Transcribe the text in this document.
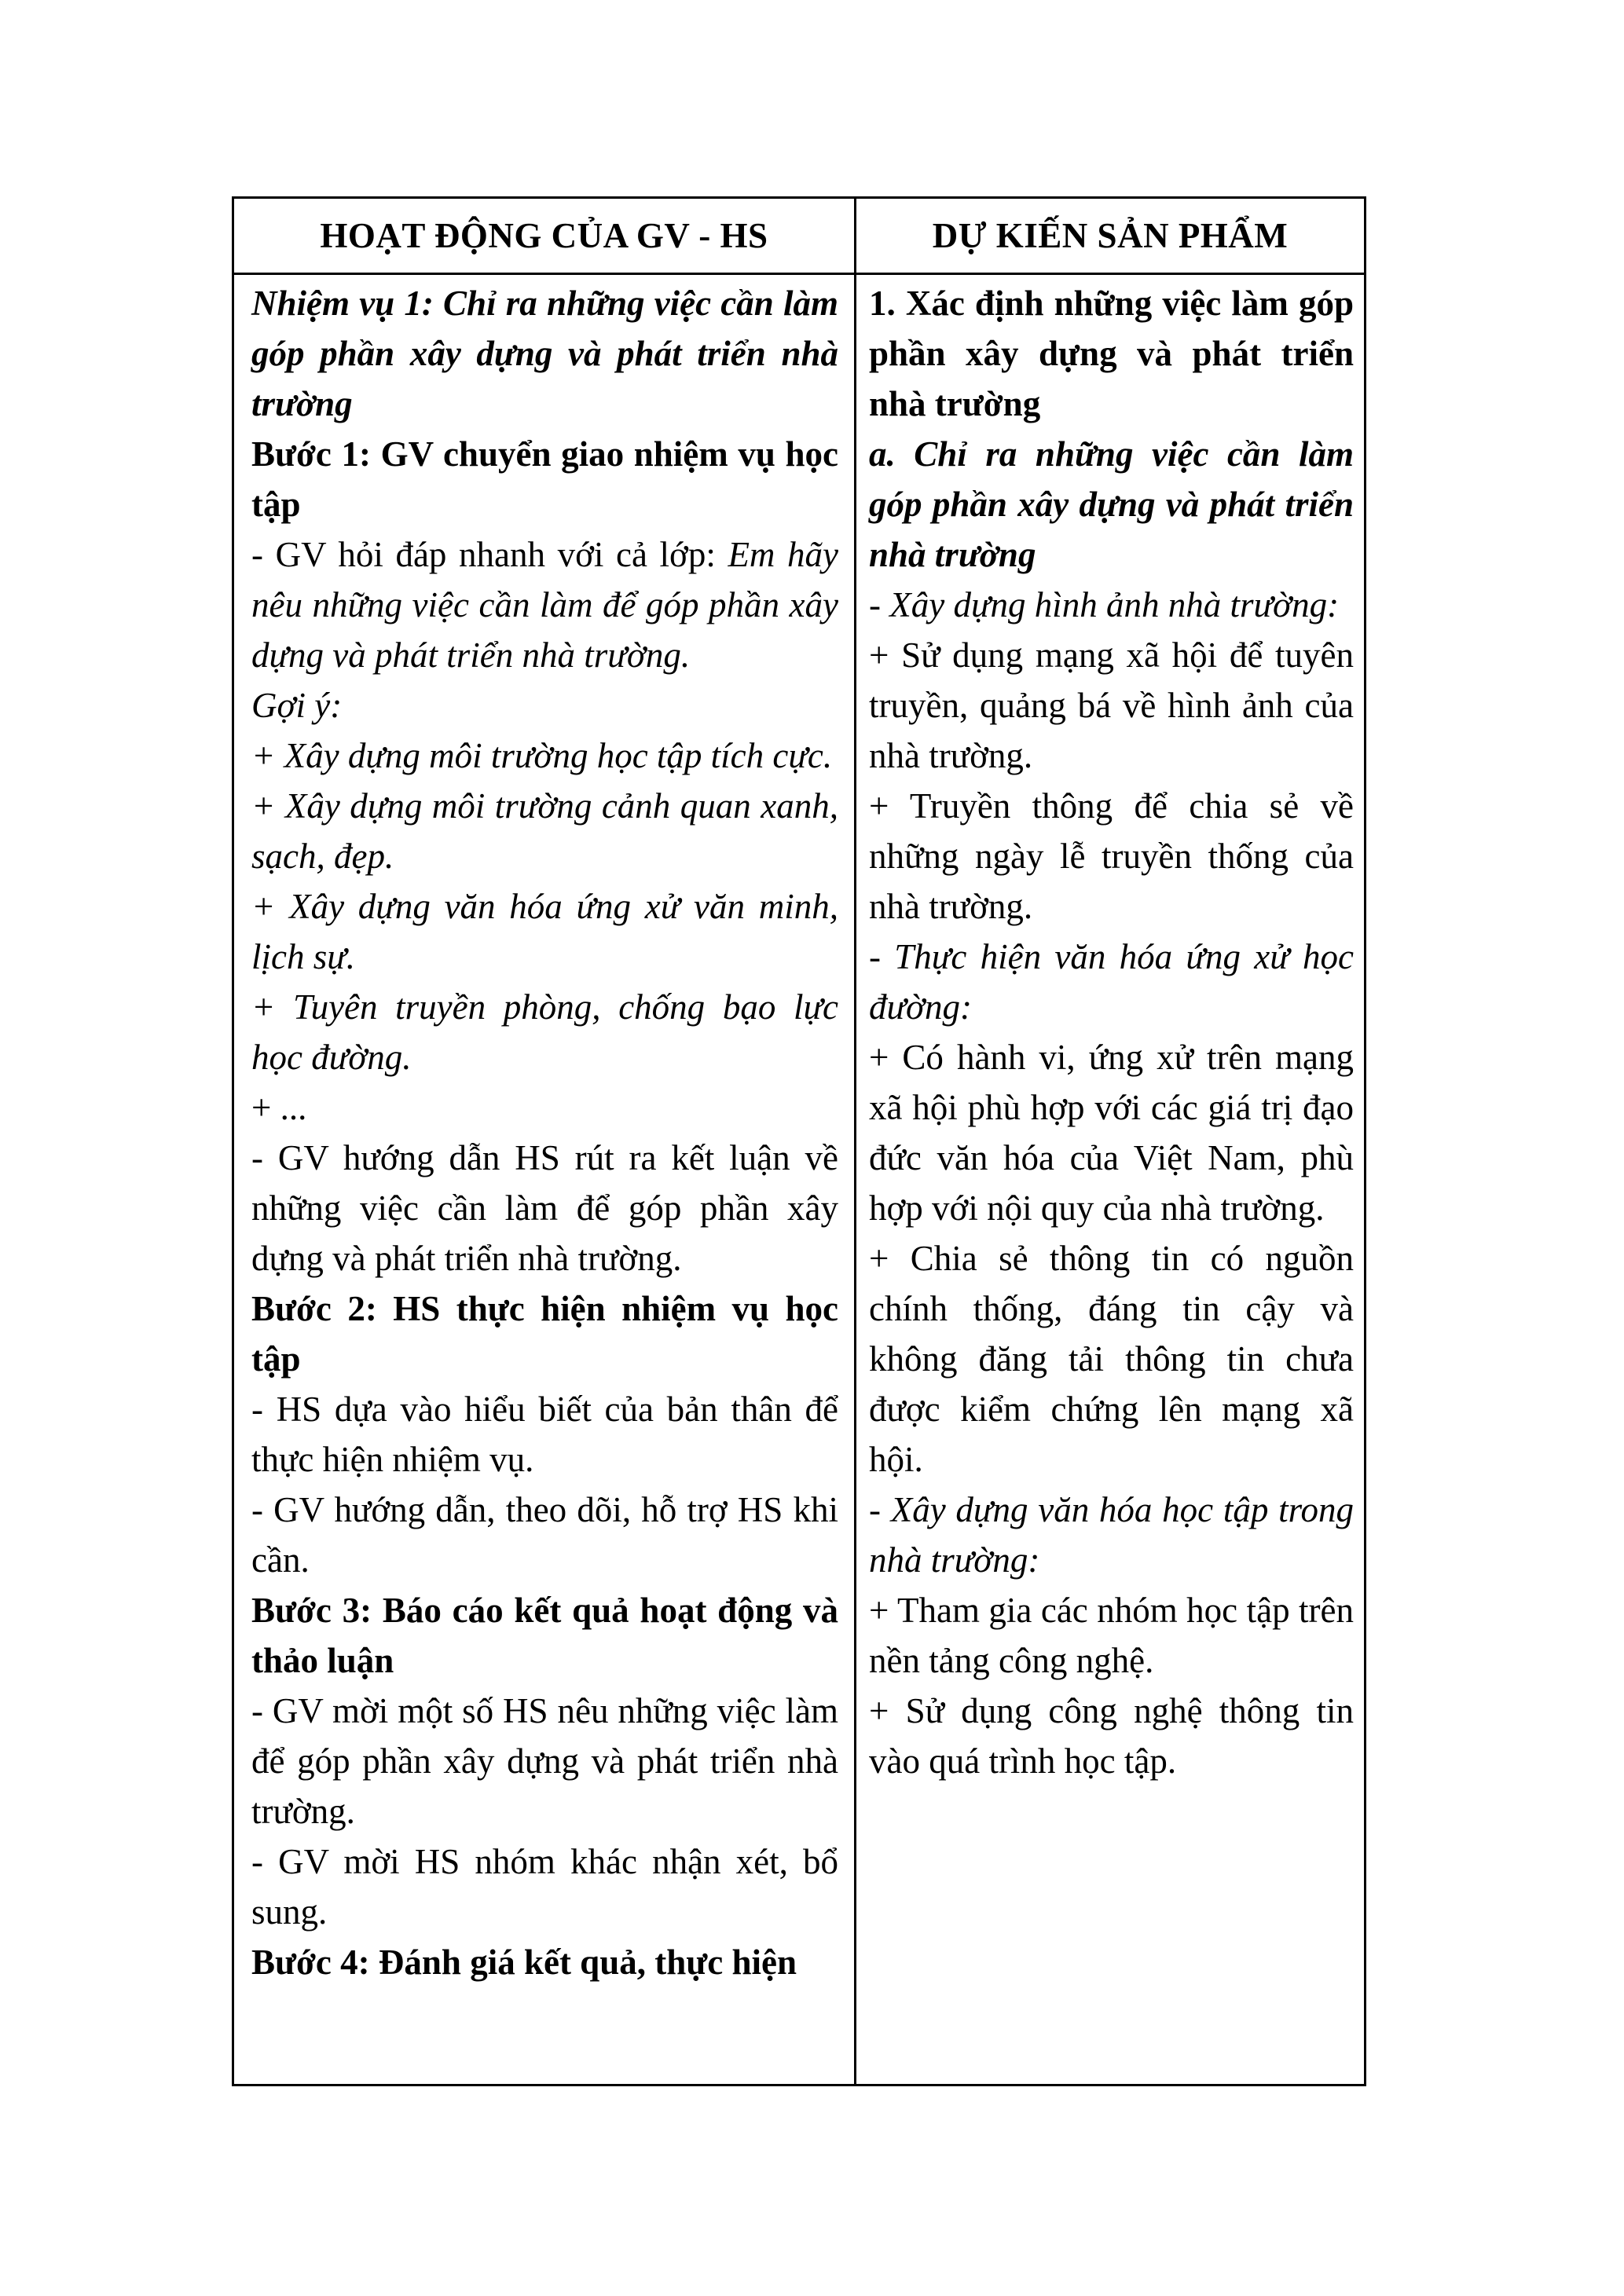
HOẠT ĐỘNG CỦA GV - HS	DỰ KIẾN SẢN PHẨM

Nhiệm vụ 1: Chỉ ra những việc cần làm góp phần xây dựng và phát triển nhà trường

Bước 1: GV chuyển giao nhiệm vụ học tập

- GV hỏi đáp nhanh với cả lớp: Em hãy nêu những việc cần làm để góp phần xây dựng và phát triển nhà trường.

Gợi ý:

+ Xây dựng môi trường học tập tích cực.

+ Xây dựng môi trường cảnh quan xanh, sạch, đẹp.

+ Xây dựng văn hóa ứng xử văn minh, lịch sự.

+ Tuyên truyền phòng, chống bạo lực học đường.

+ ...

- GV hướng dẫn HS rút ra kết luận về những việc cần làm để góp phần xây dựng và phát triển nhà trường.

Bước 2: HS thực hiện nhiệm vụ học tập

- HS dựa vào hiểu biết của bản thân để thực hiện nhiệm vụ.

- GV hướng dẫn, theo dõi, hỗ trợ HS khi cần.

Bước 3: Báo cáo kết quả hoạt động và thảo luận

- GV mời một số HS nêu những việc làm để góp phần xây dựng và phát triển nhà trường.

- GV mời HS nhóm khác nhận xét, bổ sung.

Bước 4: Đánh giá kết quả, thực hiện

1. Xác định những việc làm góp phần xây dựng và phát triển nhà trường

a. Chỉ ra những việc cần làm góp phần xây dựng và phát triển nhà trường

- Xây dựng hình ảnh nhà trường:

+ Sử dụng mạng xã hội để tuyên truyền, quảng bá về hình ảnh của nhà trường.

+ Truyền thông để chia sẻ về những ngày lễ truyền thống của nhà trường.

- Thực hiện văn hóa ứng xử học đường:

+ Có hành vi, ứng xử trên mạng xã hội phù hợp với các giá trị đạo đức văn hóa của Việt Nam, phù hợp với nội quy của nhà trường.

+ Chia sẻ thông tin có nguồn chính thống, đáng tin cậy và không đăng tải thông tin chưa được kiểm chứng lên mạng xã hội.

- Xây dựng văn hóa học tập trong nhà trường:

+ Tham gia các nhóm học tập trên nền tảng công nghệ.

+ Sử dụng công nghệ thông tin vào quá trình học tập.
